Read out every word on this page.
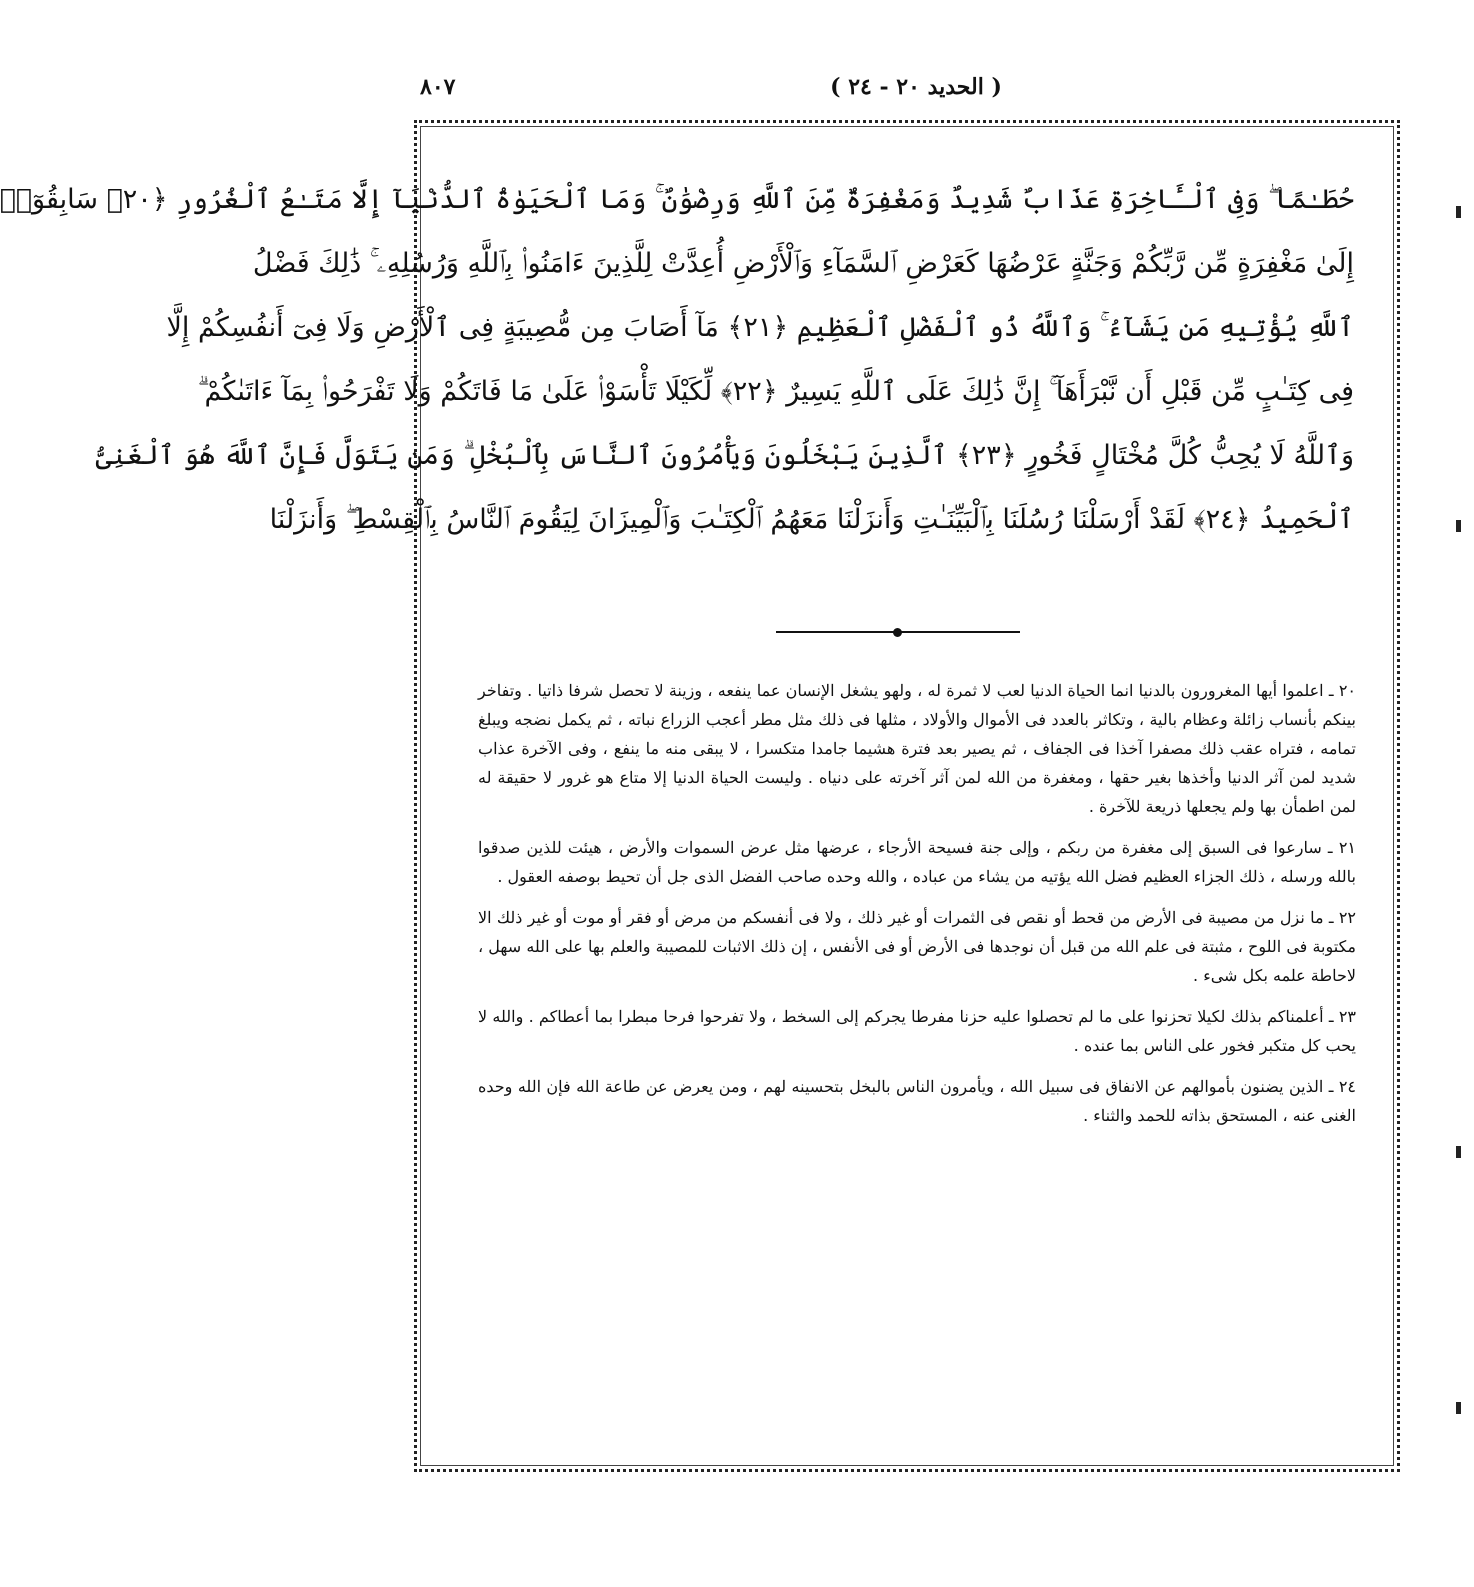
٨٠٧	( الحديد ٢٠ - ٢٤ )
حُطَـٰمًا ۖ وَفِى ٱلْـَٔاخِرَةِ عَذَابٌ شَدِيدٌ وَمَغْفِرَةٌ مِّنَ ٱللَّهِ وَرِضْوَٰنٌ ۚ وَمَا ٱلْحَيَوٰةُ ٱلدُّنْيَآ إِلَّا مَتَـٰعُ ٱلْغُرُورِ ﴿٢٠﴾ سَابِقُوٓا۟
إِلَىٰ مَغْفِرَةٍ مِّن رَّبِّكُمْ وَجَنَّةٍ عَرْضُهَا كَعَرْضِ ٱلسَّمَآءِ وَٱلْأَرْضِ أُعِدَّتْ لِلَّذِينَ ءَامَنُوا۟ بِٱللَّهِ وَرُسُلِهِۦ ۚ ذَٰلِكَ فَضْلُ
ٱللَّهِ يُؤْتِيهِ مَن يَشَآءُ ۚ وَٱللَّهُ ذُو ٱلْفَضْلِ ٱلْعَظِيمِ ﴿٢١﴾ مَآ أَصَابَ مِن مُّصِيبَةٍ فِى ٱلْأَرْضِ وَلَا فِىٓ أَنفُسِكُمْ إِلَّا
فِى كِتَـٰبٍ مِّن قَبْلِ أَن نَّبْرَأَهَآ ۚ إِنَّ ذَٰلِكَ عَلَى ٱللَّهِ يَسِيرٌ ﴿٢٢﴾ لِّكَيْلَا تَأْسَوْا۟ عَلَىٰ مَا فَاتَكُمْ وَلَا تَفْرَحُوا۟ بِمَآ ءَاتَىٰكُمْ ۗ
وَٱللَّهُ لَا يُحِبُّ كُلَّ مُخْتَالٍ فَخُورٍ ﴿٢٣﴾ ٱلَّذِينَ يَبْخَلُونَ وَيَأْمُرُونَ ٱلنَّاسَ بِٱلْبُخْلِ ۗ وَمَن يَتَوَلَّ فَإِنَّ ٱللَّهَ هُوَ ٱلْغَنِىُّ
ٱلْحَمِيدُ ﴿٢٤﴾ لَقَدْ أَرْسَلْنَا رُسُلَنَا بِٱلْبَيِّنَـٰتِ وَأَنزَلْنَا مَعَهُمُ ٱلْكِتَـٰبَ وَٱلْمِيزَانَ لِيَقُومَ ٱلنَّاسُ بِٱلْقِسْطِ ۖ وَأَنزَلْنَا

٢٠ ـ اعلموا أيها المغرورون بالدنيا انما الحياة الدنيا لعب لا ثمرة له ، ولهو يشغل الإنسان عما ينفعه ، وزينة لا تحصل شرفا ذاتيا . وتفاخر بينكم بأنساب زائلة وعظام بالية ، وتكاثر بالعدد فى الأموال والأولاد ، مثلها فى ذلك مثل مطر أعجب الزراع نباته ، ثم يكمل نضجه ويبلغ تمامه ، فتراه عقب ذلك مصفرا آخذا فى الجفاف ، ثم يصير بعد فترة هشيما جامدا متكسرا ، لا يبقى منه ما ينفع ، وفى الآخرة عذاب شديد لمن آثر الدنيا وأخذها بغير حقها ، ومغفرة من الله لمن آثر آخرته على دنياه . وليست الحياة الدنيا إلا متاع هو غرور لا حقيقة له لمن اطمأن بها ولم يجعلها ذريعة للآخرة .

٢١ ـ سارعوا فى السبق إلى مغفرة من ربكم ، وإلى جنة فسيحة الأرجاء ، عرضها مثل عرض السموات والأرض ، هيئت للذين صدقوا بالله ورسله ، ذلك الجزاء العظيم فضل الله يؤتيه من يشاء من عباده ، والله وحده صاحب الفضل الذى جل أن تحيط بوصفه العقول .

٢٢ ـ ما نزل من مصيبة فى الأرض من قحط أو نقص فى الثمرات أو غير ذلك ، ولا فى أنفسكم من مرض أو فقر أو موت أو غير ذلك الا مكتوبة فى اللوح ، مثبتة فى علم الله من قبل أن نوجدها فى الأرض أو فى الأنفس ، إن ذلك الاثبات للمصيبة والعلم بها على الله سهل ، لاحاطة علمه بكل شىء .

٢٣ ـ أعلمناكم بذلك لكيلا تحزنوا على ما لم تحصلوا عليه حزنا مفرطا يجركم إلى السخط ، ولا تفرحوا فرحا مبطرا بما أعطاكم . والله لا يحب كل متكبر فخور على الناس بما عنده .

٢٤ ـ الذين يضنون بأموالهم عن الانفاق فى سبيل الله ، ويأمرون الناس بالبخل بتحسينه لهم ، ومن يعرض عن طاعة الله فإن الله وحده الغنى عنه ، المستحق بذاته للحمد والثناء .
